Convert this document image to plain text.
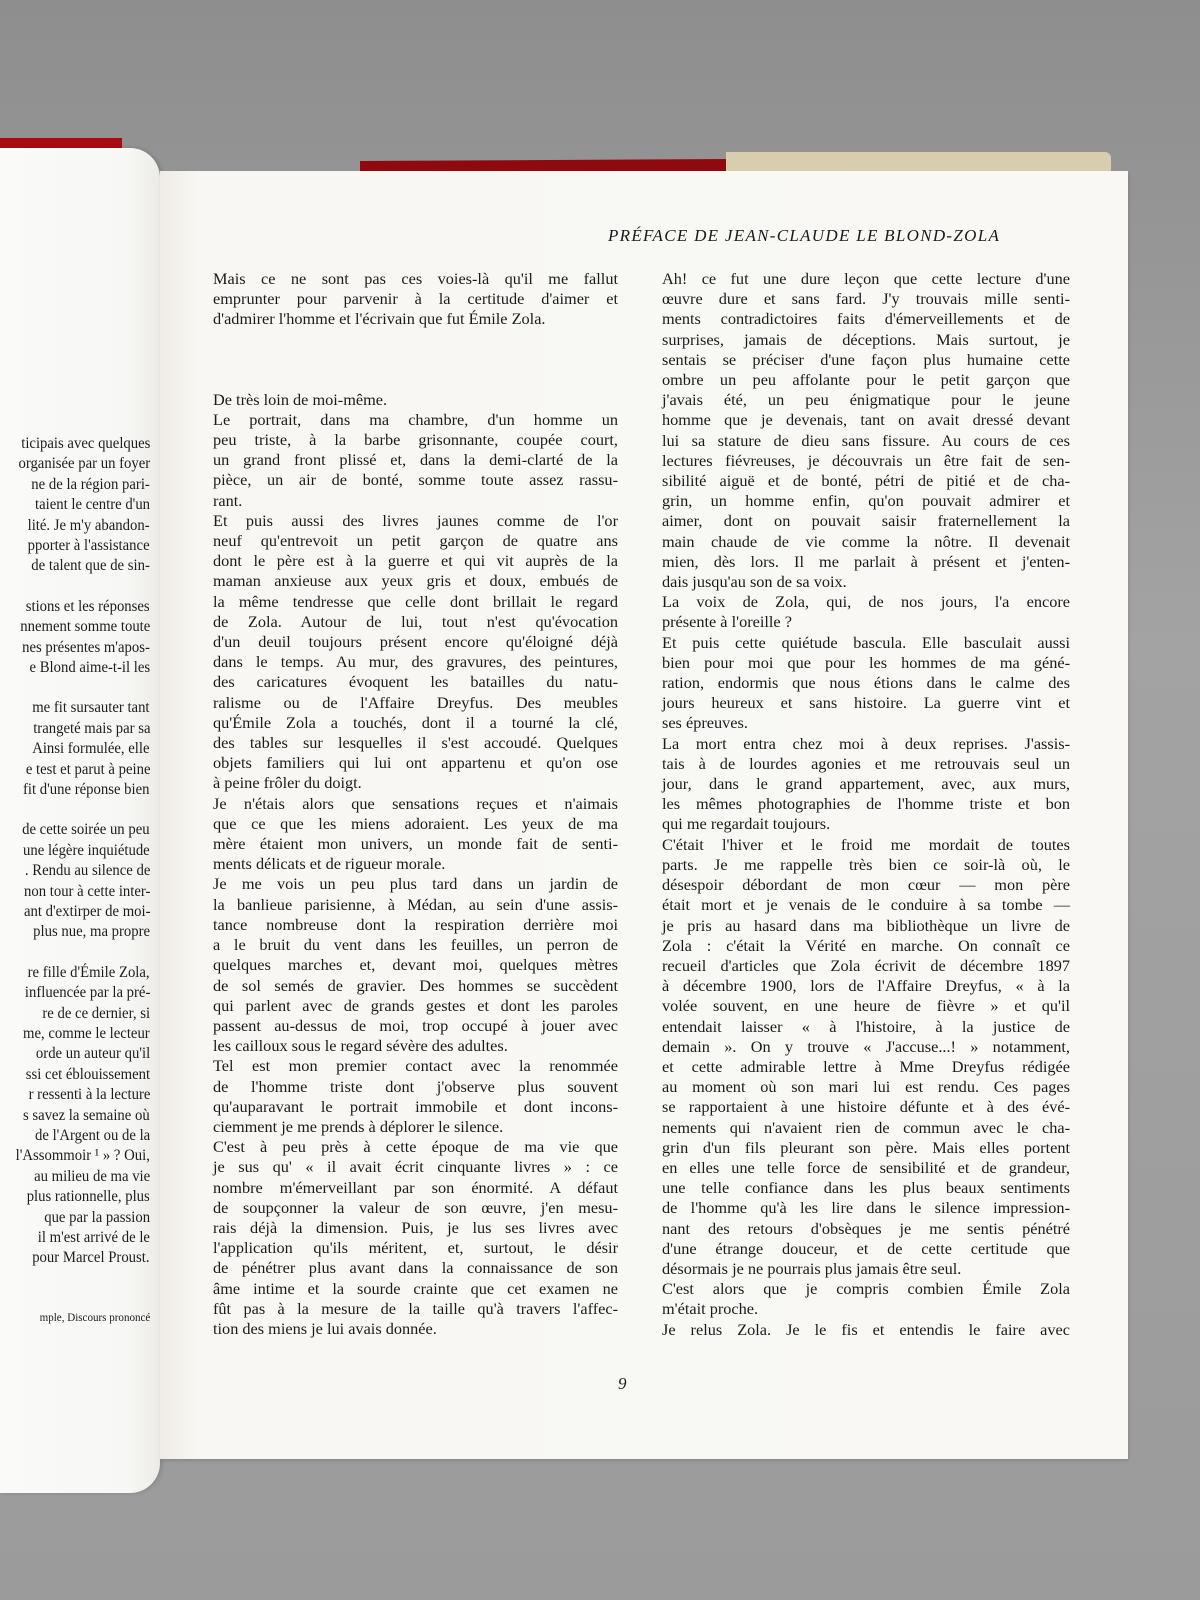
ticipais avec quelques
organisée par un foyer
ne de la région pari-
taient le centre d'un
lité. Je m'y abandon-
pporter à l'assistance
de talent que de sin-
stions et les réponses
nnement somme toute
nes présentes m'apos-
e Blond aime-t-il les
me fit sursauter tant
trangeté mais par sa
Ainsi formulée, elle
e test et parut à peine
fit d'une réponse bien
de cette soirée un peu
une légère inquiétude
. Rendu au silence de
non tour à cette inter-
ant d'extirper de moi-
plus nue, ma propre
re fille d'Émile Zola,
influencée par la pré-
re de ce dernier, si
me, comme le lecteur
orde un auteur qu'il
ssi cet éblouissement
r ressenti à la lecture
s savez la semaine où
de l'Argent ou de la
l'Assommoir ¹ » ? Oui,
au milieu de ma vie
plus rationnelle, plus
que par la passion
il m'est arrivé de le
pour Marcel Proust.
mple, Discours prononcé
PRÉFACE DE JEAN-CLAUDE LE BLOND-ZOLA

Mais ce ne sont pas ces voies-là qu'il me fallut
emprunter pour parvenir à la certitude d'aimer et
d'admirer l'homme et l'écrivain que fut Émile Zola.

De très loin de moi-même.

Le portrait, dans ma chambre, d'un homme un
peu triste, à la barbe grisonnante, coupée court,
un grand front plissé et, dans la demi-clarté de la
pièce, un air de bonté, somme toute assez rassu-
rant.

Et puis aussi des livres jaunes comme de l'or
neuf qu'entrevoit un petit garçon de quatre ans
dont le père est à la guerre et qui vit auprès de la
maman anxieuse aux yeux gris et doux, embués de
la même tendresse que celle dont brillait le regard
de Zola. Autour de lui, tout n'est qu'évocation
d'un deuil toujours présent encore qu'éloigné déjà
dans le temps. Au mur, des gravures, des peintures,
des caricatures évoquent les batailles du natu-
ralisme ou de l'Affaire Dreyfus. Des meubles
qu'Émile Zola a touchés, dont il a tourné la clé,
des tables sur lesquelles il s'est accoudé. Quelques
objets familiers qui lui ont appartenu et qu'on ose
à peine frôler du doigt.

Je n'étais alors que sensations reçues et n'aimais
que ce que les miens adoraient. Les yeux de ma
mère étaient mon univers, un monde fait de senti-
ments délicats et de rigueur morale.

Je me vois un peu plus tard dans un jardin de
la banlieue parisienne, à Médan, au sein d'une assis-
tance nombreuse dont la respiration derrière moi
a le bruit du vent dans les feuilles, un perron de
quelques marches et, devant moi, quelques mètres
de sol semés de gravier. Des hommes se succèdent
qui parlent avec de grands gestes et dont les paroles
passent au-dessus de moi, trop occupé à jouer avec
les cailloux sous le regard sévère des adultes.

Tel est mon premier contact avec la renommée
de l'homme triste dont j'observe plus souvent
qu'auparavant le portrait immobile et dont incons-
ciemment je me prends à déplorer le silence.

C'est à peu près à cette époque de ma vie que
je sus qu' « il avait écrit cinquante livres » : ce
nombre m'émerveillant par son énormité. A défaut
de soupçonner la valeur de son œuvre, j'en mesu-
rais déjà la dimension. Puis, je lus ses livres avec
l'application qu'ils méritent, et, surtout, le désir
de pénétrer plus avant dans la connaissance de son
âme intime et la sourde crainte que cet examen ne
fût pas à la mesure de la taille qu'à travers l'affec-
tion des miens je lui avais donnée.

Ah! ce fut une dure leçon que cette lecture d'une
œuvre dure et sans fard. J'y trouvais mille senti-
ments contradictoires faits d'émerveillements et de
surprises, jamais de déceptions. Mais surtout, je
sentais se préciser d'une façon plus humaine cette
ombre un peu affolante pour le petit garçon que
j'avais été, un peu énigmatique pour le jeune
homme que je devenais, tant on avait dressé devant
lui sa stature de dieu sans fissure. Au cours de ces
lectures fiévreuses, je découvrais un être fait de sen-
sibilité aiguë et de bonté, pétri de pitié et de cha-
grin, un homme enfin, qu'on pouvait admirer et
aimer, dont on pouvait saisir fraternellement la
main chaude de vie comme la nôtre. Il devenait
mien, dès lors. Il me parlait à présent et j'enten-
dais jusqu'au son de sa voix.

La voix de Zola, qui, de nos jours, l'a encore
présente à l'oreille ?

Et puis cette quiétude bascula. Elle basculait aussi
bien pour moi que pour les hommes de ma géné-
ration, endormis que nous étions dans le calme des
jours heureux et sans histoire. La guerre vint et
ses épreuves.

La mort entra chez moi à deux reprises. J'assis-
tais à de lourdes agonies et me retrouvais seul un
jour, dans le grand appartement, avec, aux murs,
les mêmes photographies de l'homme triste et bon
qui me regardait toujours.

C'était l'hiver et le froid me mordait de toutes
parts. Je me rappelle très bien ce soir-là où, le
désespoir débordant de mon cœur — mon père
était mort et je venais de le conduire à sa tombe —
je pris au hasard dans ma bibliothèque un livre de
Zola : c'était la Vérité en marche. On connaît ce
recueil d'articles que Zola écrivit de décembre 1897
à décembre 1900, lors de l'Affaire Dreyfus, « à la
volée souvent, en une heure de fièvre » et qu'il
entendait laisser « à l'histoire, à la justice de
demain ». On y trouve « J'accuse...! » notamment,
et cette admirable lettre à Mme Dreyfus rédigée
au moment où son mari lui est rendu. Ces pages
se rapportaient à une histoire défunte et à des évé-
nements qui n'avaient rien de commun avec le cha-
grin d'un fils pleurant son père. Mais elles portent
en elles une telle force de sensibilité et de grandeur,
une telle confiance dans les plus beaux sentiments
de l'homme qu'à les lire dans le silence impression-
nant des retours d'obsèques je me sentis pénétré
d'une étrange douceur, et de cette certitude que
désormais je ne pourrais plus jamais être seul.

C'est alors que je compris combien Émile Zola
m'était proche.

Je relus Zola. Je le fis et entendis le faire avec

9
